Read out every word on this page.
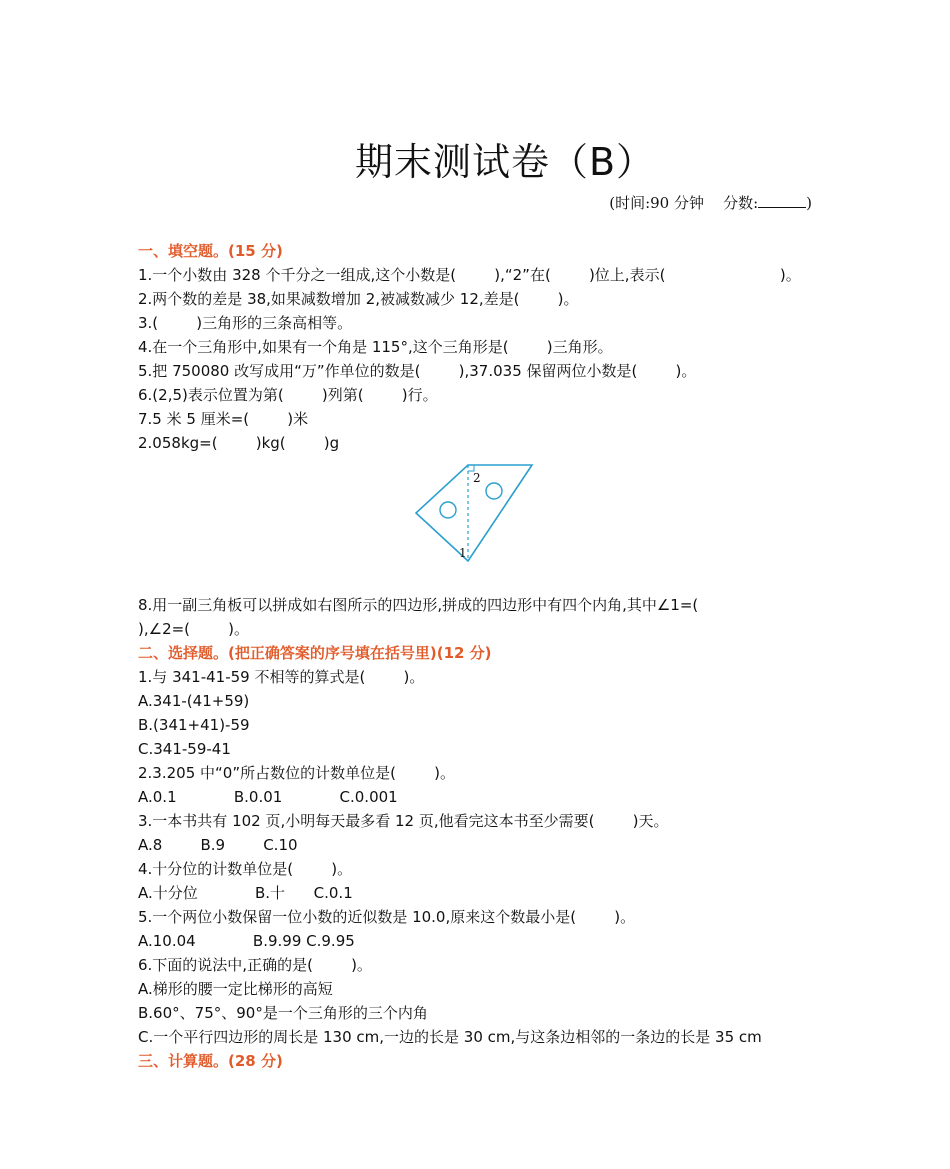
期末测试卷（B）
(时间:90 分钟 分数:	)
一、填空题。(15 分)
1.一个小数由 328 个千分之一组成,这个小数是(        ),“2”在(        )位上,表示(                        )。
2.两个数的差是 38,如果减数增加 2,被减数减少 12,差是(        )。
3.(        )三角形的三条高相等。
4.在一个三角形中,如果有一个角是 115°,这个三角形是(        )三角形。
5.把 750080 改写成用“万”作单位的数是(        ),37.035 保留两位小数是(        )。
6.(2,5)表示位置为第(        )列第(        )行。
7.5 米 5 厘米=(        )米
2.058kg=(        )kg(        )g
2
1
8.用一副三角板可以拼成如右图所示的四边形,拼成的四边形中有四个内角,其中∠1=(
),∠2=(        )。
二、选择题。(把正确答案的序号填在括号里)(12 分)
1.与 341-41-59 不相等的算式是(        )。
A.341-(41+59)
B.(341+41)-59
C.341-59-41
2.3.205 中“0”所占数位的计数单位是(        )。
A.0.1            B.0.01            C.0.001
3.一本书共有 102 页,小明每天最多看 12 页,他看完这本书至少需要(        )天。
A.8        B.9        C.10
4.十分位的计数单位是(        )。
A.十分位            B.十      C.0.1
5.一个两位小数保留一位小数的近似数是 10.0,原来这个数最小是(        )。
A.10.04            B.9.99 C.9.95
6.下面的说法中,正确的是(        )。
A.梯形的腰一定比梯形的高短
B.60°、75°、90°是一个三角形的三个内角
C.一个平行四边形的周长是 130 cm,一边的长是 30 cm,与这条边相邻的一条边的长是 35 cm
三、计算题。(28 分)
